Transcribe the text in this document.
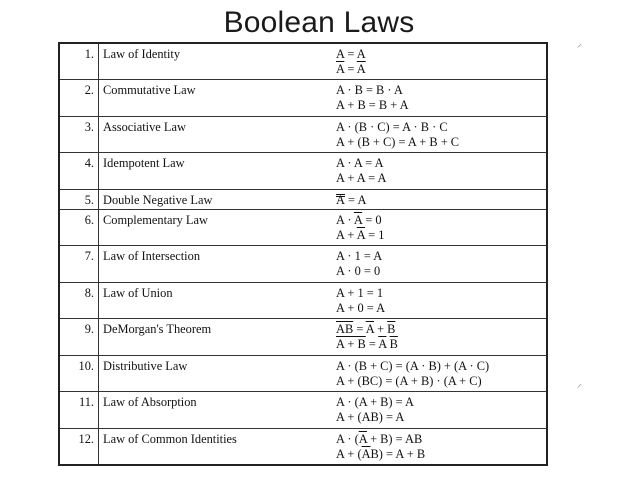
Boolean Laws
1.	Law of Identity	A = A
$\overline{A} = \overline{A}$

2.	Commutative Law	A · B = B · A
A + B = B + A

3.	Associative Law	A · (B · C) = A · B · C
A + (B + C) = A + B + C

4.	Idempotent Law	A · A = A
A + A = A

5.	Double Negative Law	A = A

6.	Complementary Law	$A \cdot \overline{A} = 0$
$A + \overline{A} = 1$

7.	Law of Intersection	A · 1 = A
A · 0 = 0

8.	Law of Union	A + 1 = 1
A + 0 = A

9.	DeMorgan's Theorem	$\overline{AB} = \overline{A} + \overline{B}$
$A + B = \overline{A}$ $\overline{B}$

10.	Distributive Law	A · (B + C) = (A · B) + (A · C)
A + (BC) = (A + B) · (A + C)

11.	Law of Absorption	A · (A + B) = A
A + (AB) = A

12.	Law of Common Identities	$A \cdot (\overline{A} + B)$ = AB
$A + (\overline{A}B) = A + B$
⸍
⸍
